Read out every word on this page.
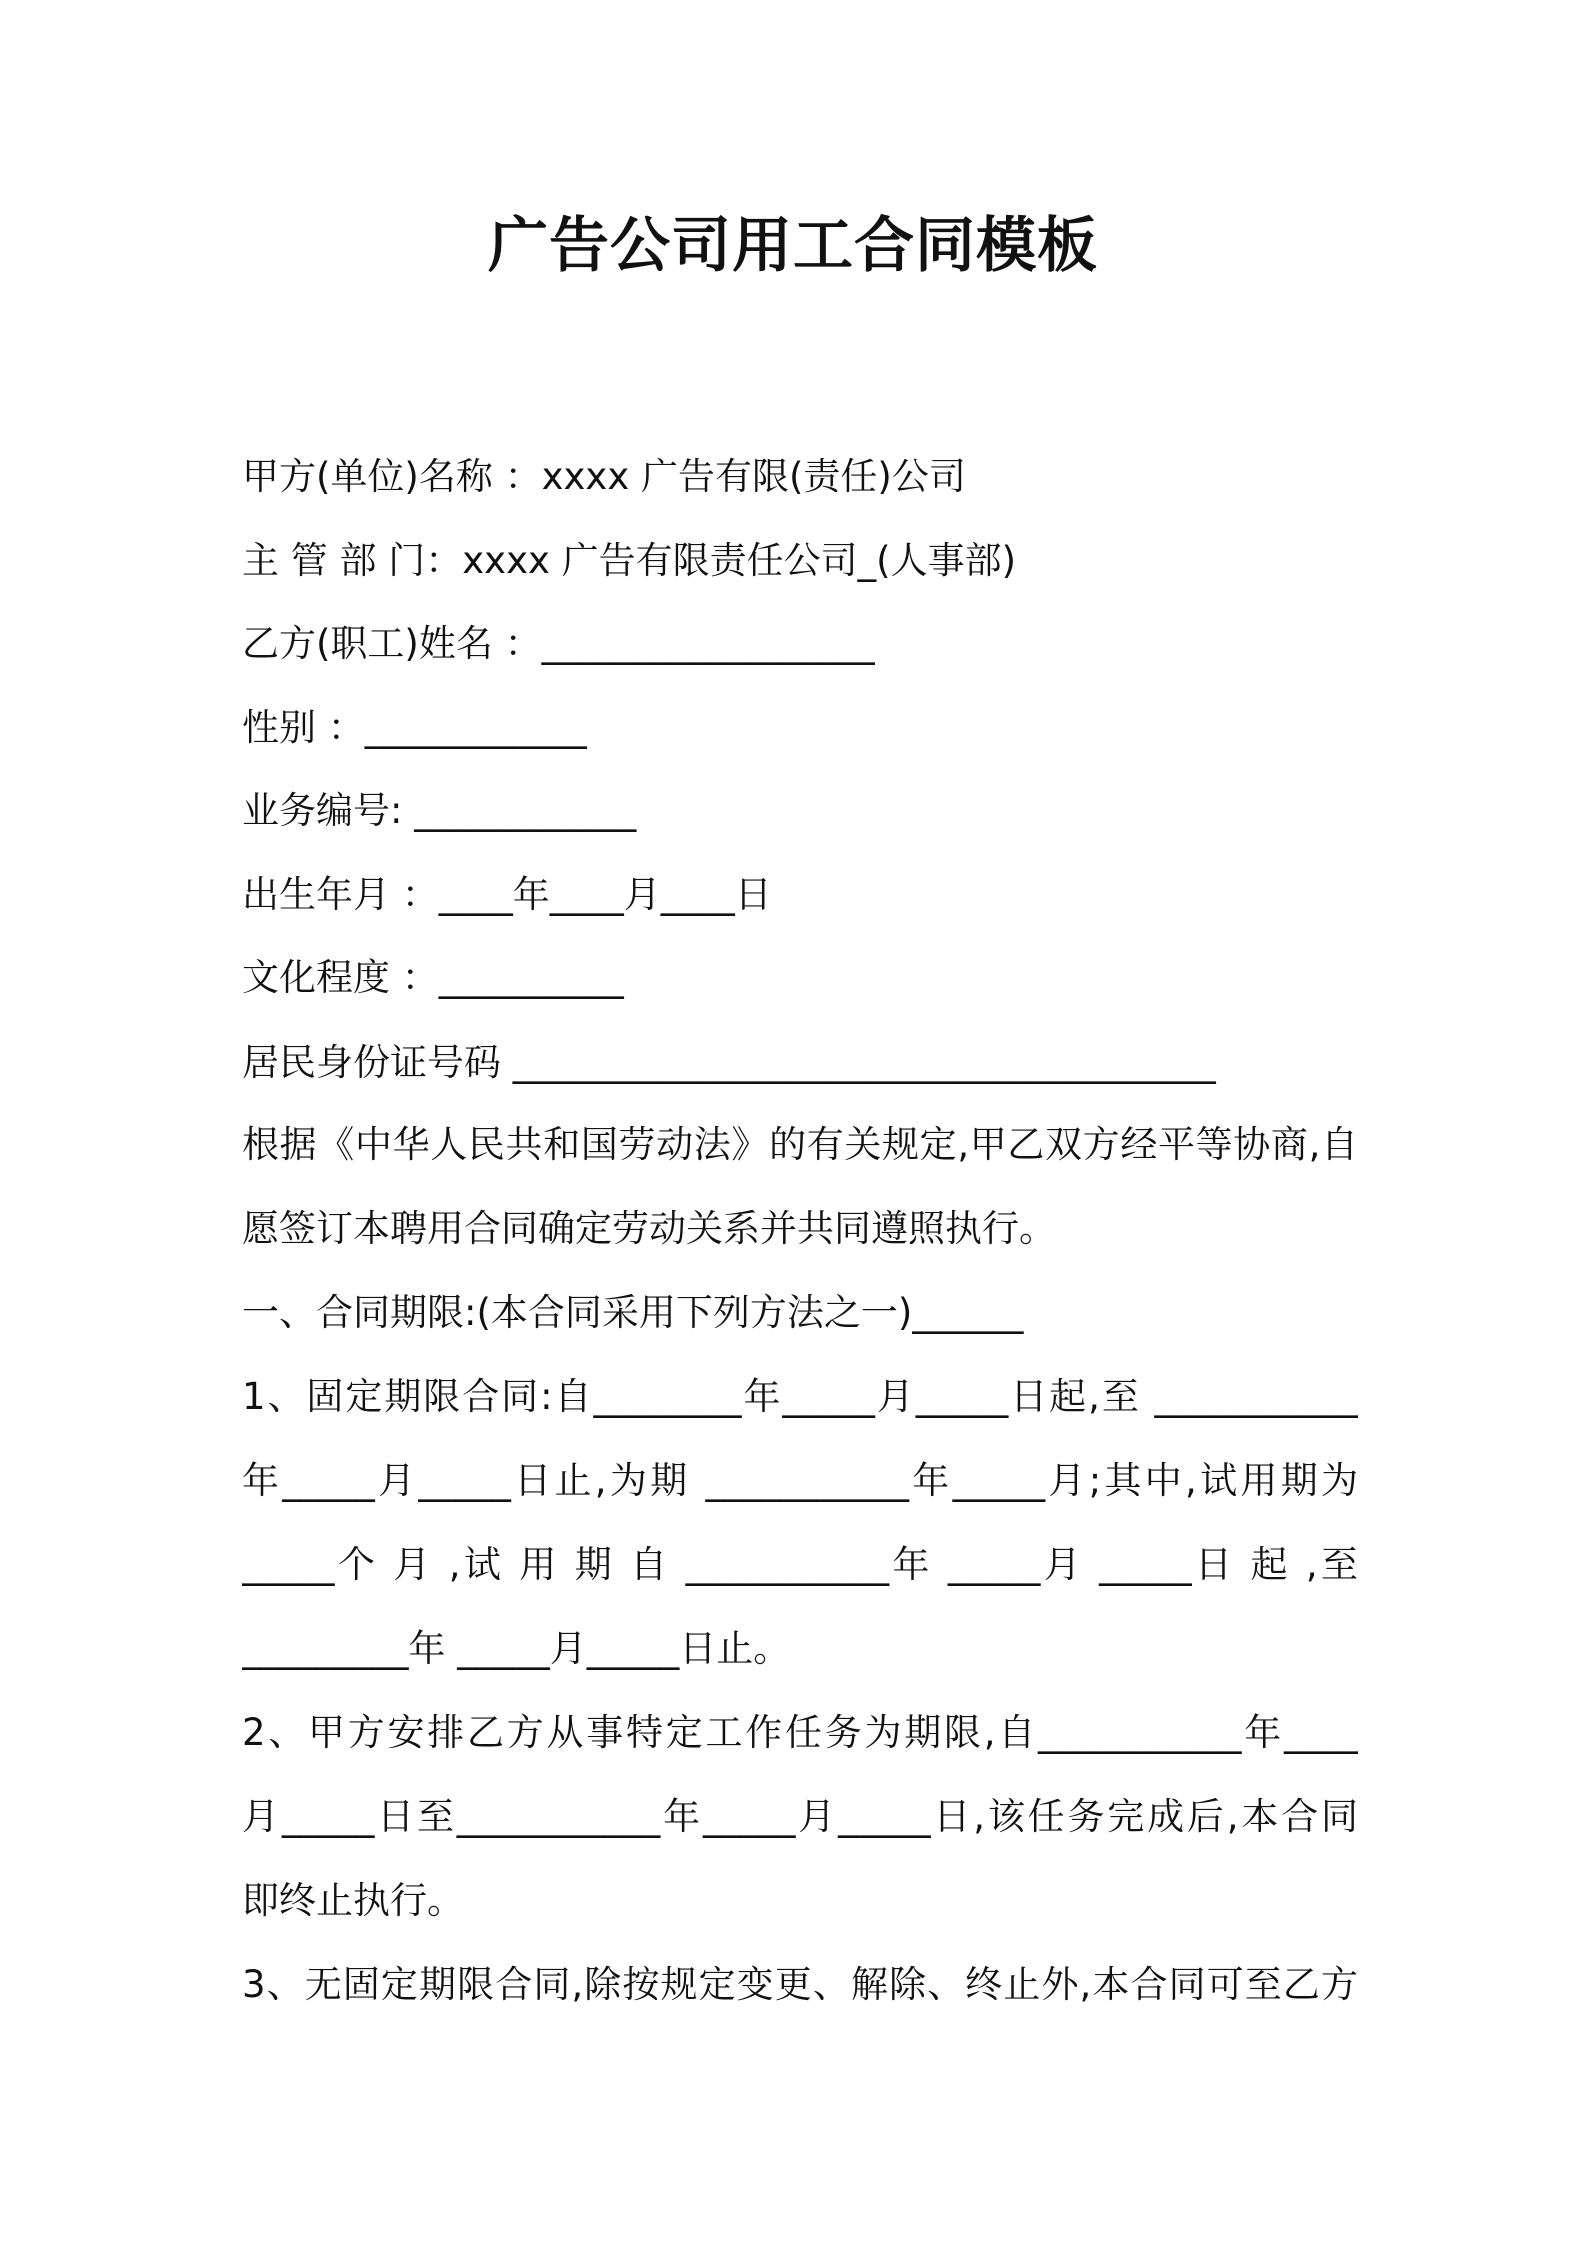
广告公司用工合同模板
甲方(单位)名称 ：xxxx 广告有限(责任)公司
主 管 部 门：xxxx 广告有限责任公司_(人事部)
乙方(职工)姓名 ：__________________
性别 ：____________
业务编号: ____________
出生年月 ：____年____月____日
文化程度 ：__________
居民身份证号码 ______________________________________
根据《中华人民共和国劳动法》的有关规定,甲乙双方经平等协商,自
愿签订本聘用合同确定劳动关系并共同遵照执行。
一、合同期限:(本合同采用下列方法之一)______
1、固定期限合同:自________年_____月_____日起,至 ___________
年_____月_____日止,为期 ___________年_____月;其中,试用期为
_____个 月 ,试 用 期 自 ___________年 _____月 _____日 起 ,至
_________年 _____月_____日止。
2、甲方安排乙方从事特定工作任务为期限,自___________年____
月_____日至___________年_____月_____日,该任务完成后,本合同
即终止执行。
3、无固定期限合同,除按规定变更、解除、终止外,本合同可至乙方
